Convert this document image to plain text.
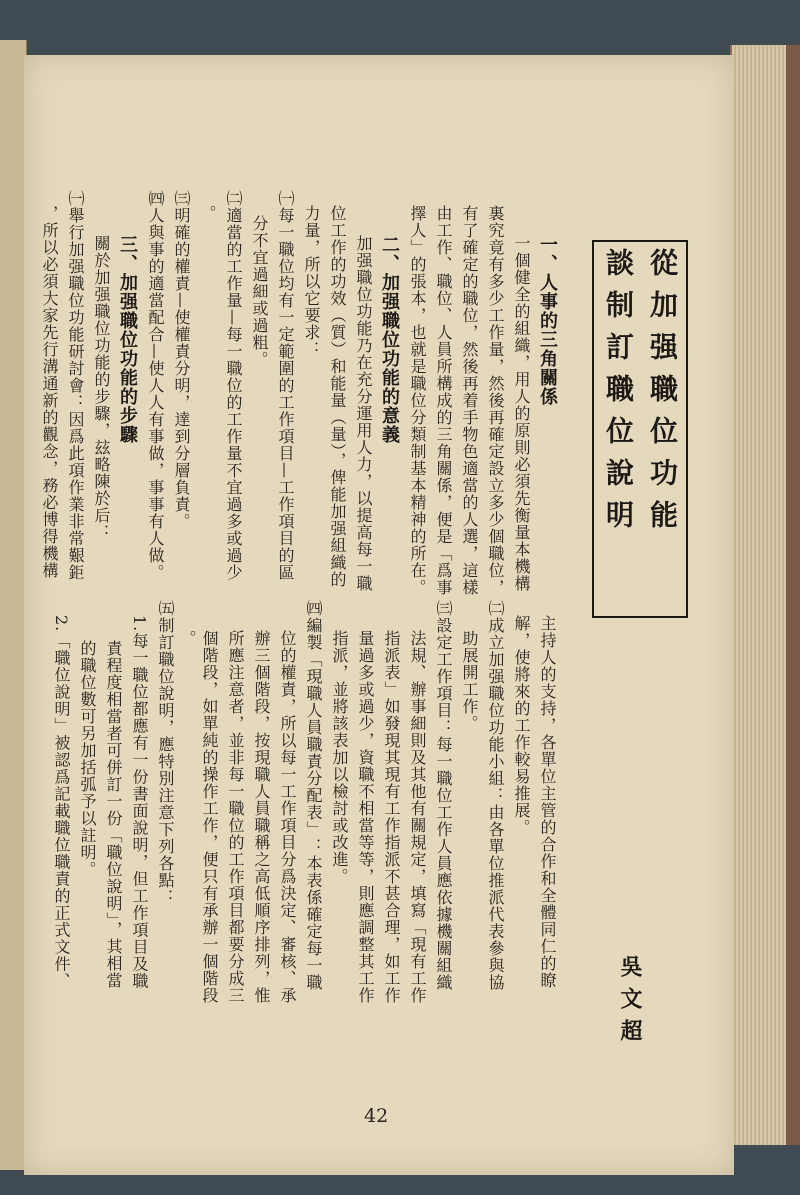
從加强職位功能
談制訂職位說明
吳文超
一、人事的三角關係
一個健全的組織，用人的原則必須先衡量本機構
裏究竟有多少工作量，然後再確定設立多少個職位，
有了確定的職位，然後再着手物色適當的人選，這樣
由工作、職位、人員所構成的三角關係，便是「爲事
擇人」的張本，也就是職位分類制基本精神的所在。
二、加强職位功能的意義
加强職位功能乃在充分運用人力，以提高每一職
位工作的功效（質）和能量（量），俾能加强組織的
力量，所以它要求：
㈠每一職位均有一定範圍的工作項目—工作項目的區
分不宜過細或過粗。
㈡適當的工作量—每一職位的工作量不宜過多或過少
。
㈢明確的權責—使權責分明，達到分層負責。
㈣人與事的適當配合—使人人有事做，事事有人做。
三、加强職位功能的步驟
關於加强職位功能的步驟，玆略陳於后：
㈠舉行加强職位功能研討會：因爲此項作業非常艱鉅
，所以必須大家先行溝通新的觀念，務必博得機構
主持人的支持，各單位主管的合作和全體同仁的瞭
解，使將來的工作較易推展。
㈡成立加强職位功能小組：由各單位推派代表參與協
助展開工作。
㈢設定工作項目：每一職位工作人員應依據機關組織
法規、辦事細則及其他有關規定，填寫「現有工作
指派表」如發現其現有工作指派不甚合理，如工作
量過多或過少，資職不相當等等，則應調整其工作
指派，並將該表加以檢討或改進。
㈣編製「現職人員職責分配表」：本表係確定每一職
位的權責，所以每一工作項目分爲決定、審核、承
辦三個階段，按現職人員職稱之高低順序排列，惟
所應注意者，並非每一職位的工作項目都要分成三
個階段，如單純的操作工作，便只有承辦一個階段
。
㈤制訂職位說明，應特別注意下列各點：
1.每一職位都應有一份書面說明，但工作項目及職
責程度相當者可併訂一份「職位說明」，其相當
的職位數可另加括弧予以註明。
2.「職位說明」被認爲記載職位職責的正式文件、
42
